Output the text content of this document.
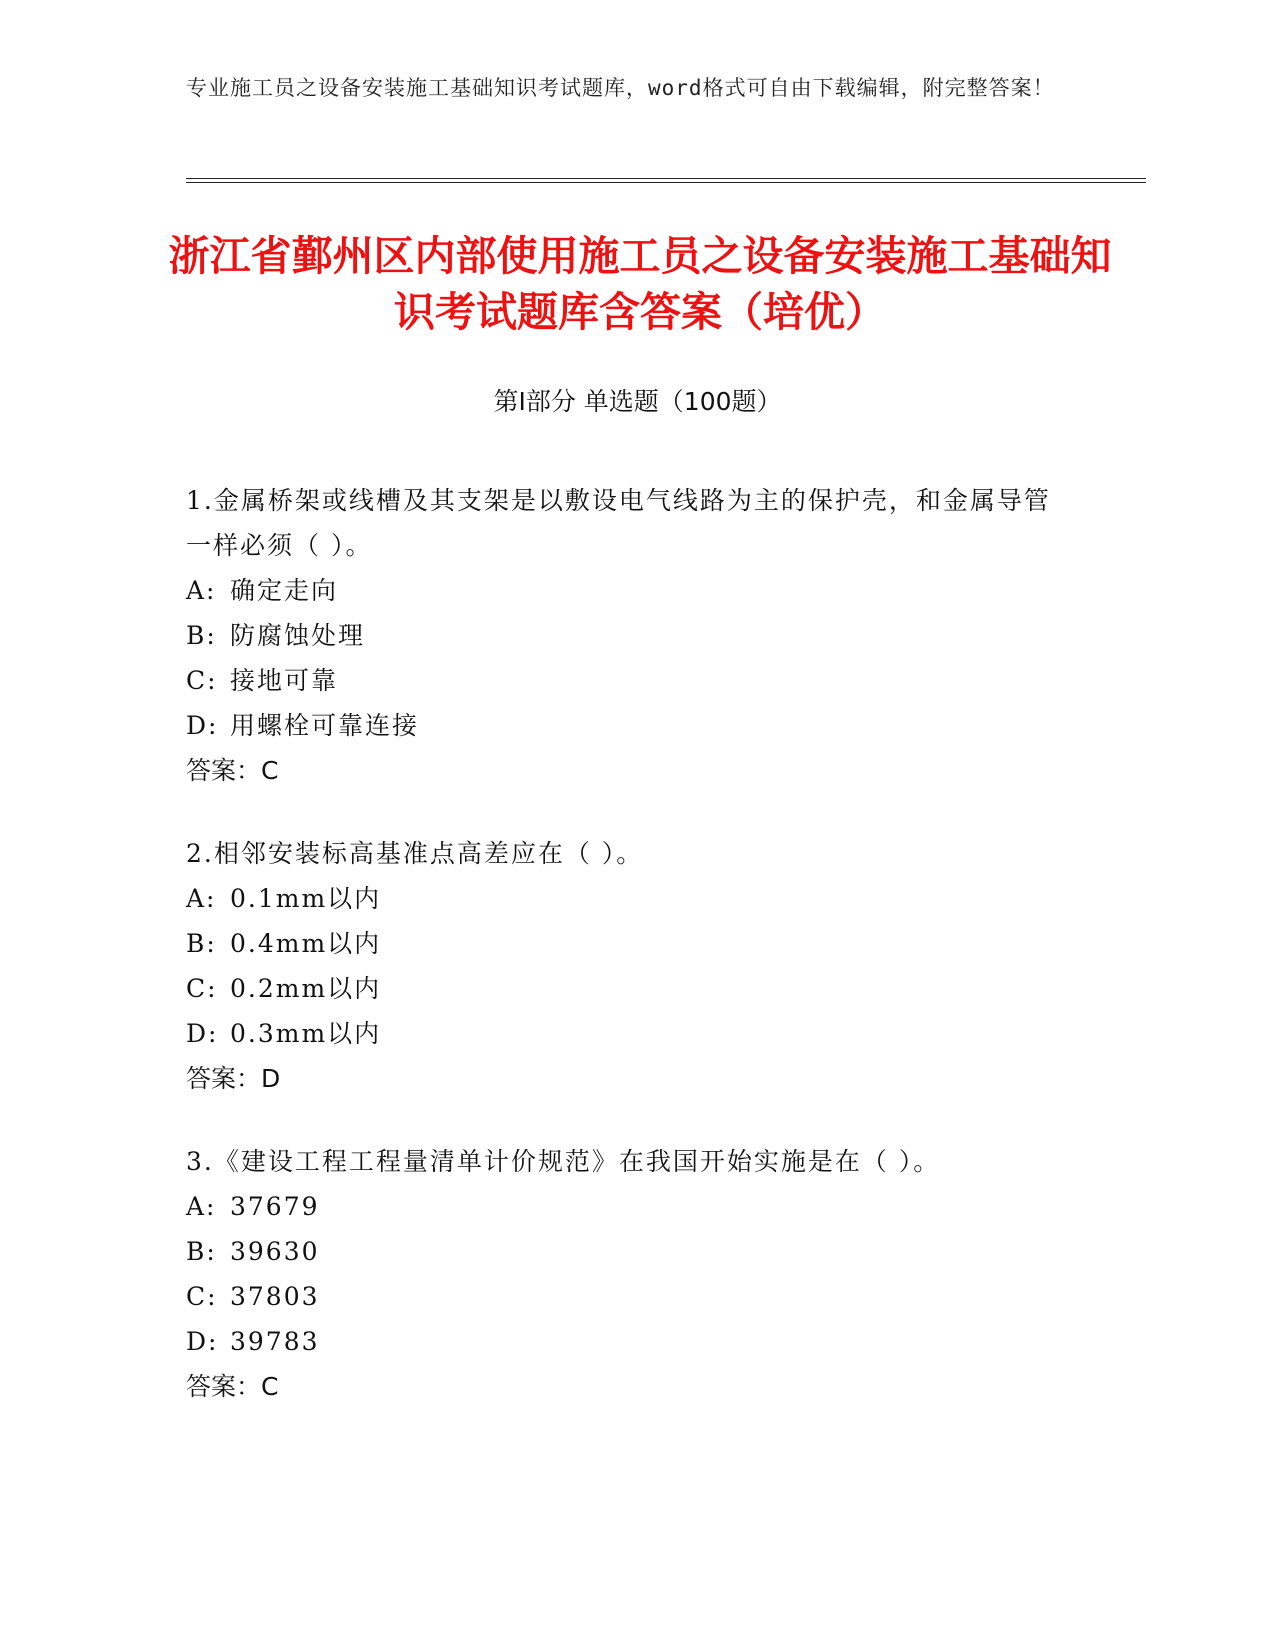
专业施工员之设备安装施工基础知识考试题库，word格式可自由下载编辑，附完整答案！
浙江省鄞州区内部使用施工员之设备安装施工基础知识考试题库含答案（培优）
第Ⅰ部分 单选题（100题）
1.金属桥架或线槽及其支架是以敷设电气线路为主的保护壳，和金属导管一样必须（ ）。
A: 确定走向
B: 防腐蚀处理
C: 接地可靠
D: 用螺栓可靠连接
答案：C
2.相邻安装标高基准点高差应在（ ）。
A: 0.1mm以内
B: 0.4mm以内
C: 0.2mm以内
D: 0.3mm以内
答案：D
3.《建设工程工程量清单计价规范》在我国开始实施是在（ ）。
A: 37679
B: 39630
C: 37803
D: 39783
答案：C
